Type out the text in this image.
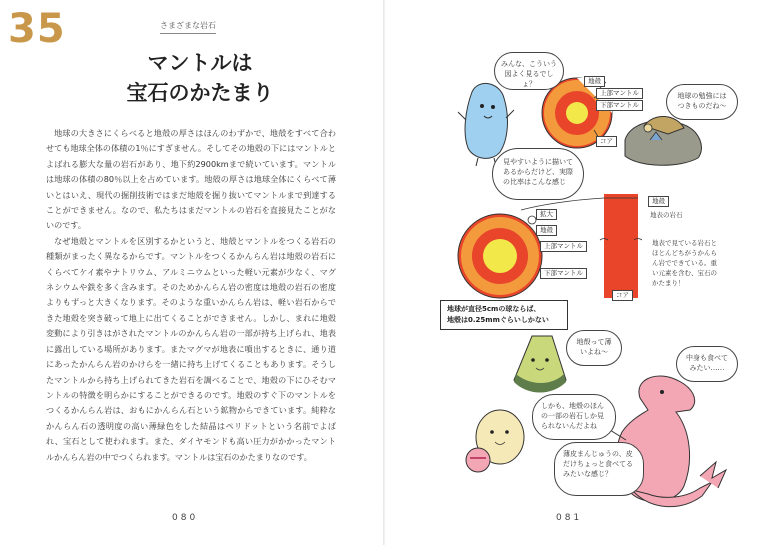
35	さまざまな岩石
マントルは
宝石のかたまり

地球の大きさにくらべると地殻の厚さはほんのわずかで、地殻をすべて合わせても地球全体の体積の1％にすぎません。そしてその地殻の下にはマントルとよばれる膨大な量の岩石があり、地下約2900kmまで続いています。マントルは地球の体積の80％以上を占めています。地殻の厚さは地球全体にくらべて薄いとはいえ、現代の掘削技術ではまだ地殻を掘り抜いてマントルまで到達することができません。なので、私たちはまだマントルの岩石を直接見たことがないのです。

なぜ地殻とマントルを区別するかというと、地殻とマントルをつくる岩石の種類がまったく異なるからです。マントルをつくるかんらん岩は地殻の岩石にくらべてケイ素やナトリウム、アルミニウムといった軽い元素が少なく、マグネシウムや鉄を多く含みます。そのためかんらん岩の密度は地殻の岩石の密度よりもずっと大きくなります。そのような重いかんらん岩は、軽い岩石からできた地殻を突き破って地上に出てくることができません。しかし、まれに地殻変動により引きはがされたマントルのかんらん岩の一部が持ち上げられ、地表に露出している場所があります。またマグマが地表に噴出するときに、通り道にあったかんらん岩のかけらを一緒に持ち上げてくることもあります。そうしたマントルから持ち上げられてきた岩石を調べることで、地殻の下にひそむマントルの特徴を明らかにすることができるのです。地殻のすぐ下のマントルをつくるかんらん岩は、おもにかんらん石という鉱物からできています。純粋なかんらん石の透明度の高い薄緑色をした結晶はペリドットという名前でよばれ、宝石として使われます。また、ダイヤモンドも高い圧力がかかったマントルかんらん岩の中でつくられます。マントルは宝石のかたまりなのです。

080
みんな、こういう図よく見るでしょ？	地殻
上部マントル
下部マントル
コア
地球の勉強にはつきものだね～
見やすいように描いてあるからだけど、実際の比率はこんな感じ
拡大
地殻
上部マントル
下部マントル
地殻
地表の岩石
地表で見ている岩石とほとんどちがうかんらん岩でできている。重い元素を含む、宝石のかたまり！
コア
地球が直径5cmの球ならば、
地殻は0.25mmぐらいしかない
地殻って薄いよね～
中身も食べてみたい……
しかも、地殻のほんの一部の岩石しか見られないんだよね
薄皮まんじゅうの、皮だけちょっと食べてるみたいな感じ？
081
